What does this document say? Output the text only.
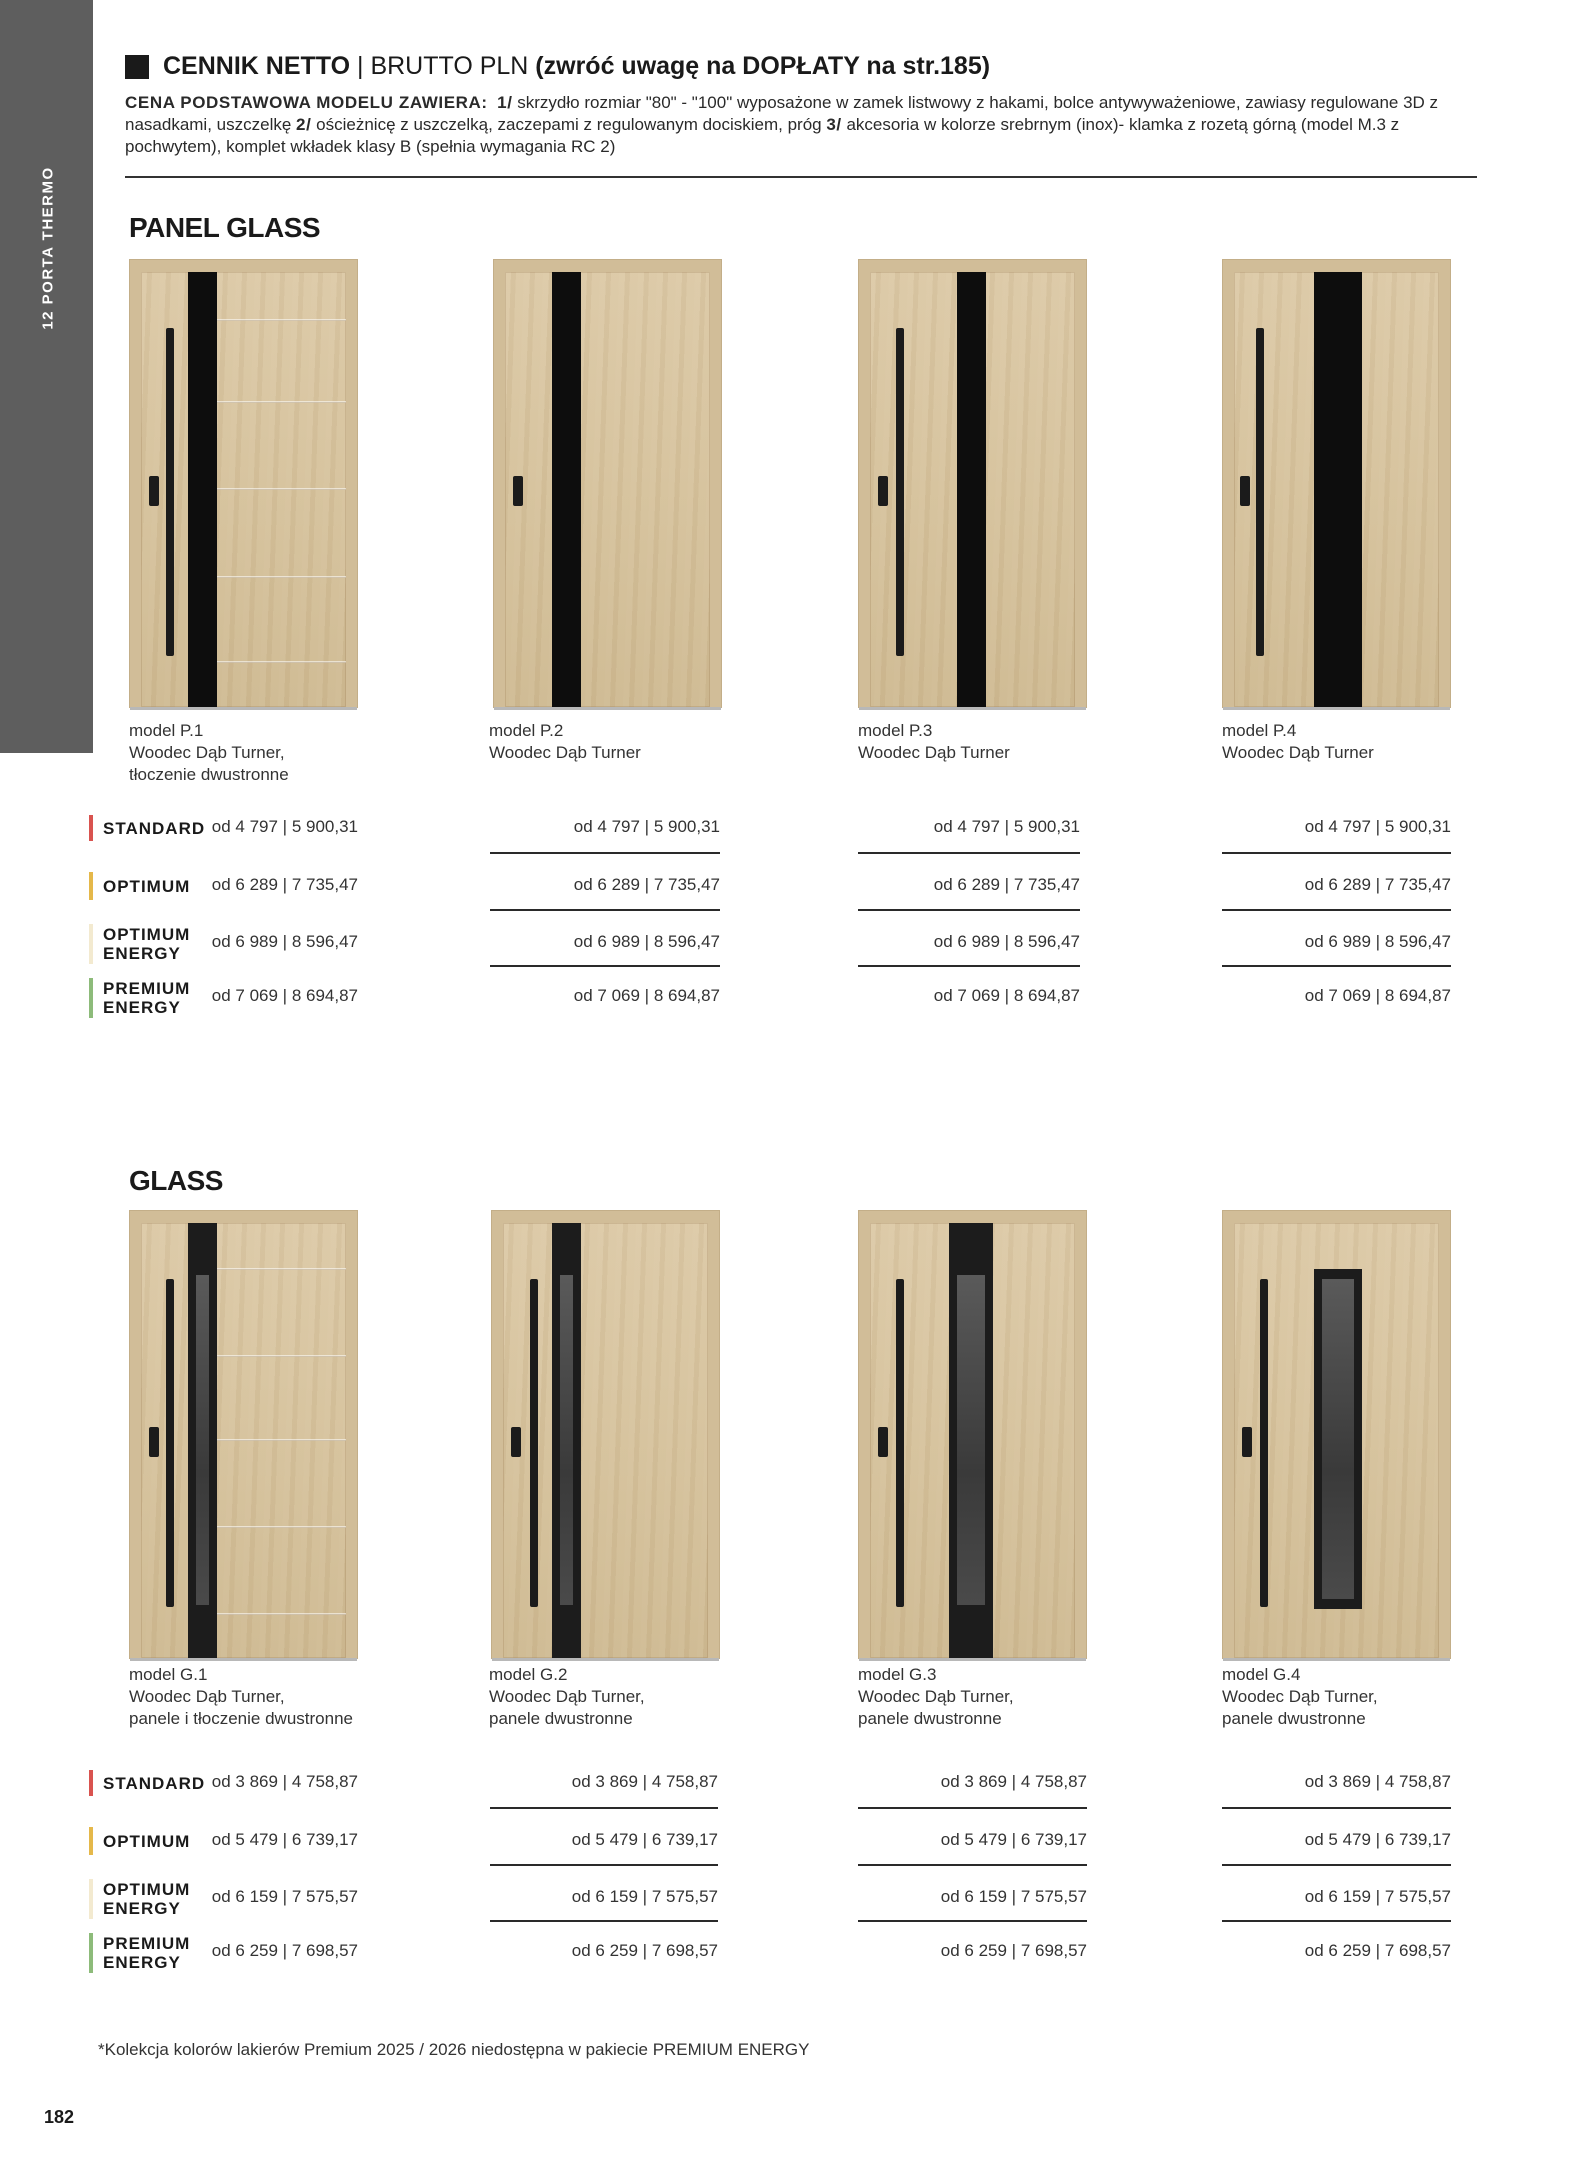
12 PORTA THERMO
CENNIK NETTO | BRUTTO PLN (zwróć uwagę na DOPŁATY na str.185)
CENA PODSTAWOWA MODELU ZAWIERA: 1/ skrzydło rozmiar "80" - "100" wyposażone w zamek listwowy z hakami, bolce antywyważeniowe, zawiasy regulowane 3D z nasadkami, uszczelkę 2/ ościeżnicę z uszczelką, zaczepami z regulowanym dociskiem, próg 3/ akcesoria w kolorze srebrnym (inox)- klamka z rozetą górną (model M.3 z pochwytem), komplet wkładek klasy B (spełnia wymagania RC 2)
PANEL GLASS
model P.1
Woodec Dąb Turner,
tłoczenie dwustronne
model P.2
Woodec Dąb Turner
model P.3
Woodec Dąb Turner
model P.4
Woodec Dąb Turner
STANDARD
OPTIMUM
OPTIMUM
ENERGY
PREMIUM
ENERGY
od 4 797 | 5 900,31
od 6 289 | 7 735,47
od 6 989 | 8 596,47
od 7 069 | 8 694,87
od 4 797 | 5 900,31
od 6 289 | 7 735,47
od 6 989 | 8 596,47
od 7 069 | 8 694,87
od 4 797 | 5 900,31
od 6 289 | 7 735,47
od 6 989 | 8 596,47
od 7 069 | 8 694,87
od 4 797 | 5 900,31
od 6 289 | 7 735,47
od 6 989 | 8 596,47
od 7 069 | 8 694,87
GLASS
model G.1
Woodec Dąb Turner,
panele i tłoczenie dwustronne
model G.2
Woodec Dąb Turner,
panele dwustronne
model G.3
Woodec Dąb Turner,
panele dwustronne
model G.4
Woodec Dąb Turner,
panele dwustronne
STANDARD
OPTIMUM
OPTIMUM
ENERGY
PREMIUM
ENERGY
od 3 869 | 4 758,87
od 5 479 | 6 739,17
od 6 159 | 7 575,57
od 6 259 | 7 698,57
od 3 869 | 4 758,87
od 5 479 | 6 739,17
od 6 159 | 7 575,57
od 6 259 | 7 698,57
od 3 869 | 4 758,87
od 5 479 | 6 739,17
od 6 159 | 7 575,57
od 6 259 | 7 698,57
od 3 869 | 4 758,87
od 5 479 | 6 739,17
od 6 159 | 7 575,57
od 6 259 | 7 698,57
*Kolekcja kolorów lakierów Premium 2025 / 2026 niedostępna w pakiecie PREMIUM ENERGY
182
